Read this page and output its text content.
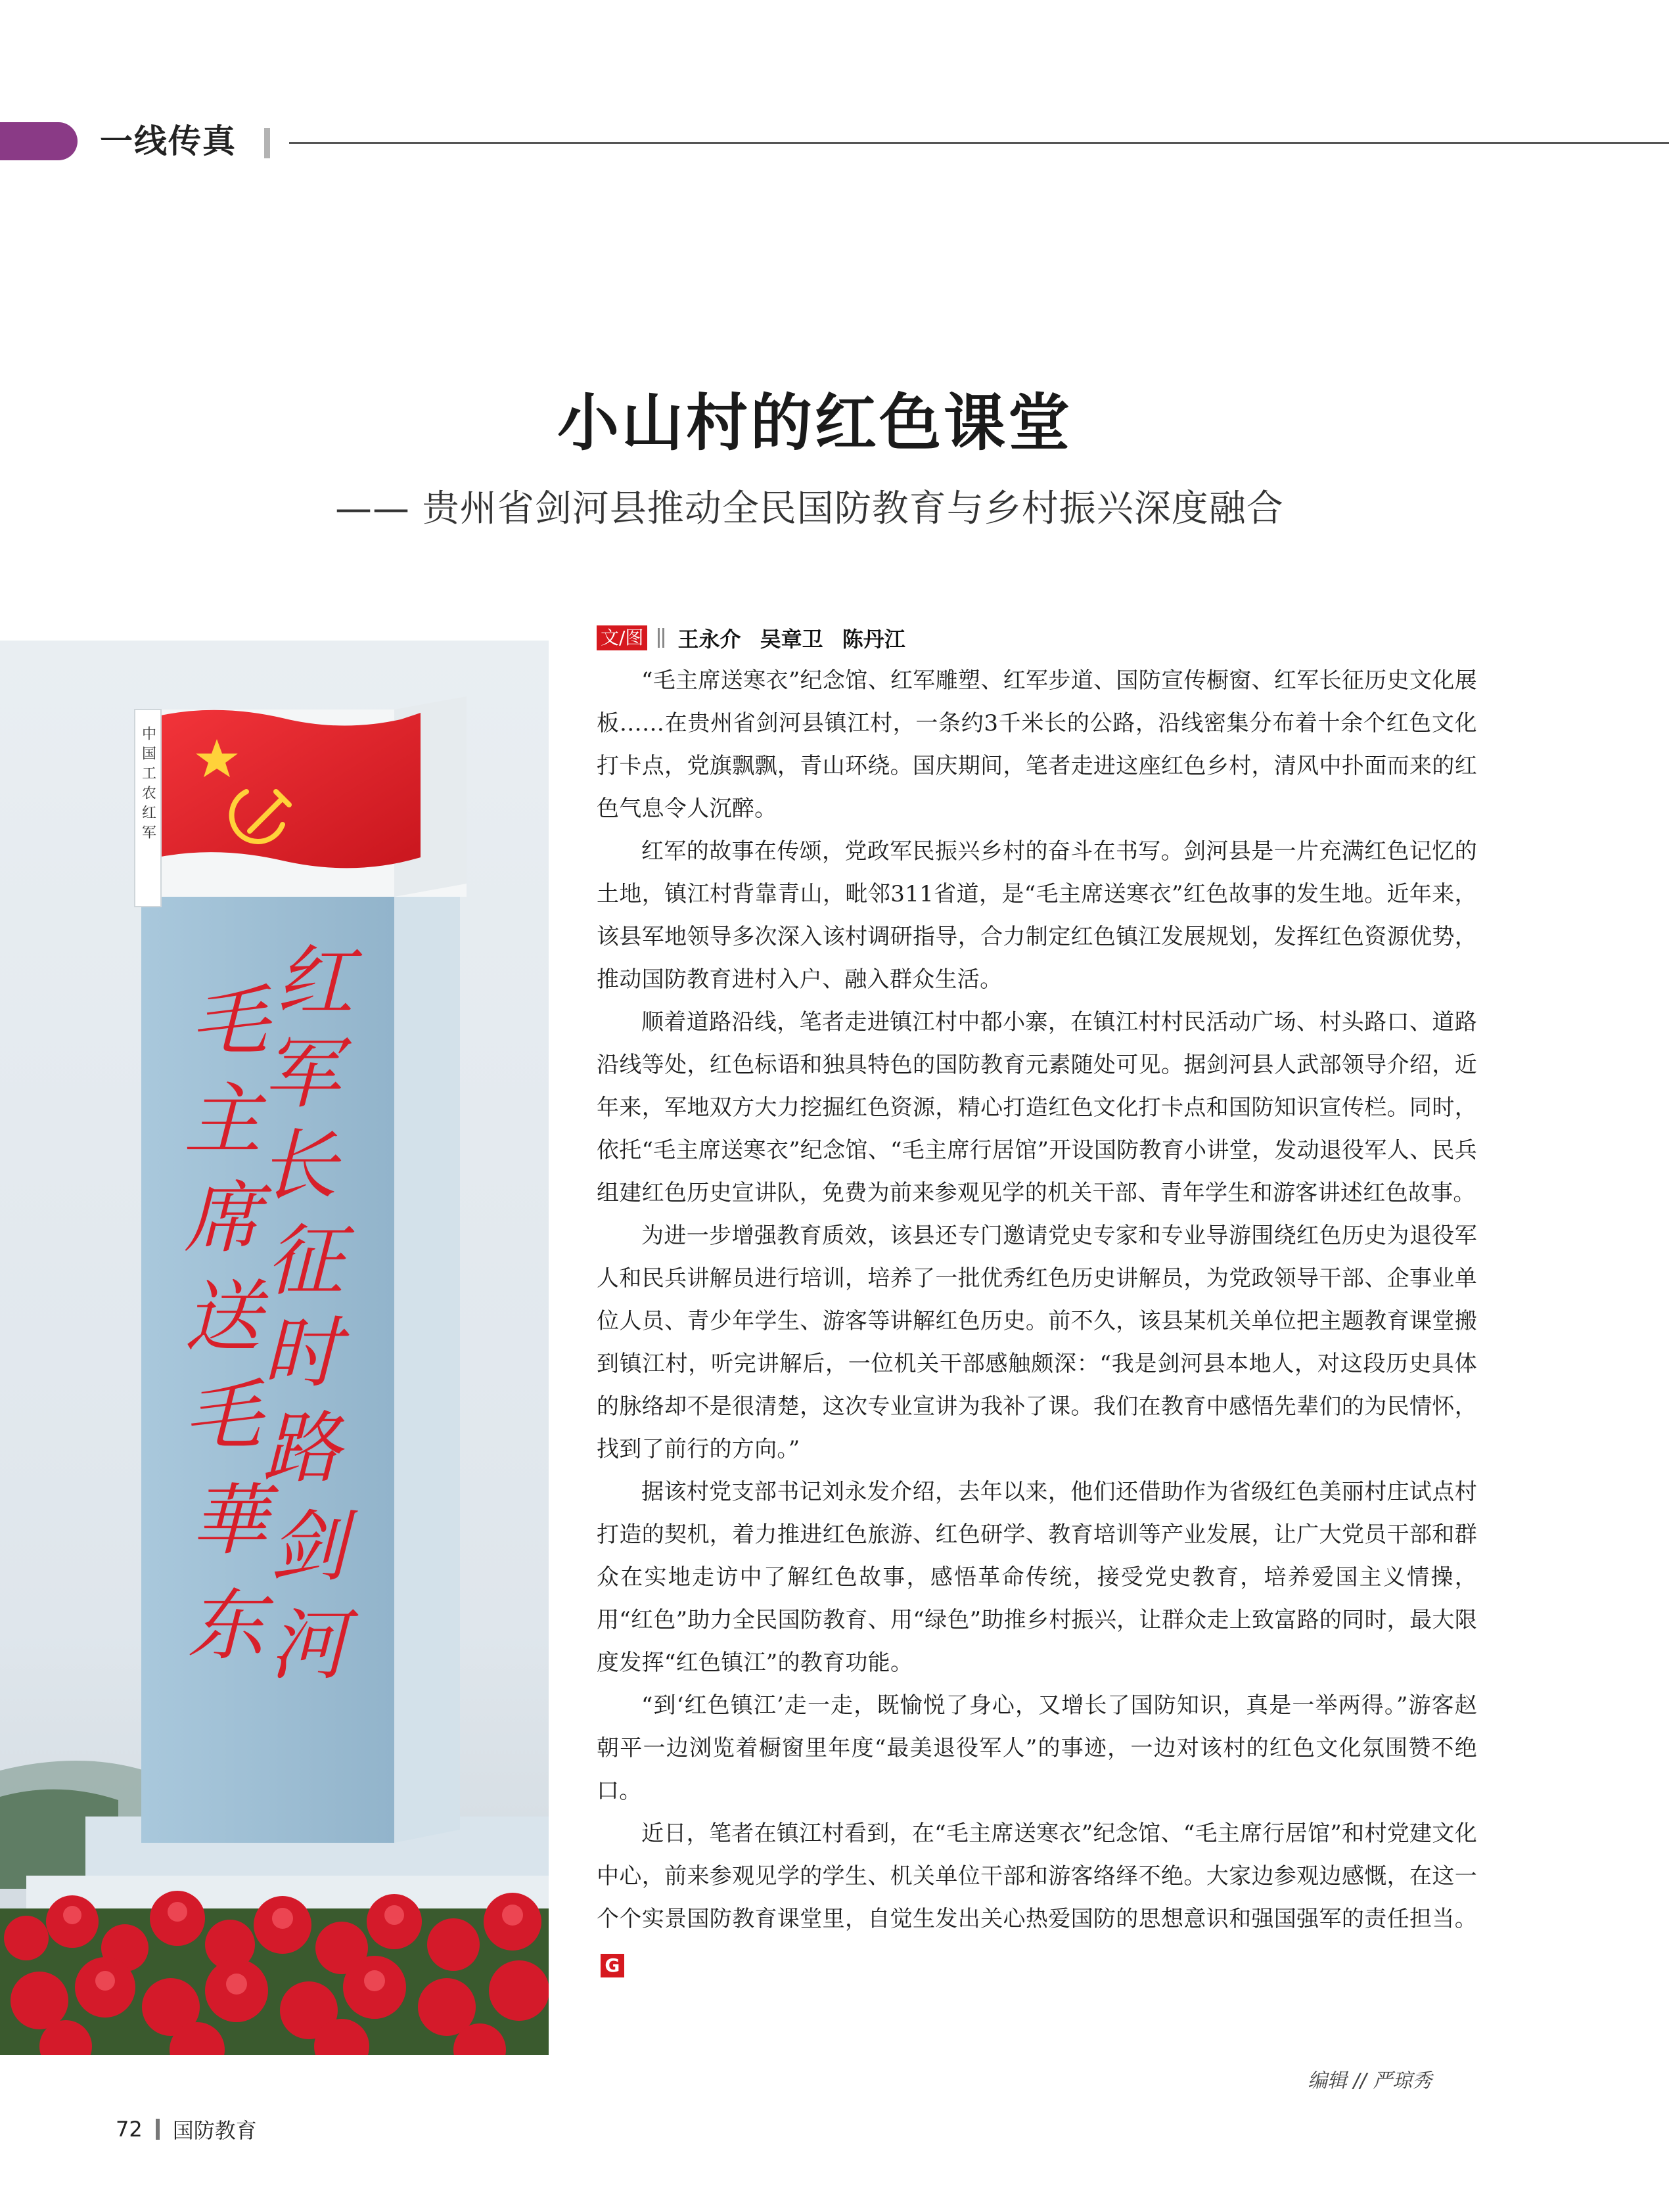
一线传真
小山村的红色课堂
—— 贵州省剑河县推动全民国防教育与乡村振兴深度融合
中国工农红军
红
军
长
征
时
路
剑
河
毛
主
席
送
毛
華
东
文/图 王永介 吴章卫 陈丹江

“毛主席送寒衣”纪念馆、红军雕塑、红军步道、国防宣传橱窗、红军长征历史文化展板……在贵州省剑河县镇江村，一条约3千米长的公路，沿线密集分布着十余个红色文化打卡点，党旗飘飘，青山环绕。国庆期间，笔者走进这座红色乡村，清风中扑面而来的红色气息令人沉醉。

红军的故事在传颂，党政军民振兴乡村的奋斗在书写。剑河县是一片充满红色记忆的土地，镇江村背靠青山，毗邻311省道，是“毛主席送寒衣”红色故事的发生地。近年来，该县军地领导多次深入该村调研指导，合力制定红色镇江发展规划，发挥红色资源优势，推动国防教育进村入户、融入群众生活。

顺着道路沿线，笔者走进镇江村中都小寨，在镇江村村民活动广场、村头路口、道路沿线等处，红色标语和独具特色的国防教育元素随处可见。据剑河县人武部领导介绍，近年来，军地双方大力挖掘红色资源，精心打造红色文化打卡点和国防知识宣传栏。同时，依托“毛主席送寒衣”纪念馆、“毛主席行居馆”开设国防教育小讲堂，发动退役军人、民兵组建红色历史宣讲队，免费为前来参观见学的机关干部、青年学生和游客讲述红色故事。

为进一步增强教育质效，该县还专门邀请党史专家和专业导游围绕红色历史为退役军人和民兵讲解员进行培训，培养了一批优秀红色历史讲解员，为党政领导干部、企事业单位人员、青少年学生、游客等讲解红色历史。前不久，该县某机关单位把主题教育课堂搬到镇江村，听完讲解后，一位机关干部感触颇深：“我是剑河县本地人，对这段历史具体的脉络却不是很清楚，这次专业宣讲为我补了课。我们在教育中感悟先辈们的为民情怀，找到了前行的方向。”

据该村党支部书记刘永发介绍，去年以来，他们还借助作为省级红色美丽村庄试点村打造的契机，着力推进红色旅游、红色研学、教育培训等产业发展，让广大党员干部和群众在实地走访中了解红色故事，感悟革命传统，接受党史教育，培养爱国主义情操，用“红色”助力全民国防教育、用“绿色”助推乡村振兴，让群众走上致富路的同时，最大限度发挥“红色镇江”的教育功能。

“到‘红色镇江’走一走，既愉悦了身心，又增长了国防知识，真是一举两得。”游客赵朝平一边浏览着橱窗里年度“最美退役军人”的事迹，一边对该村的红色文化氛围赞不绝口。

近日，笔者在镇江村看到，在“毛主席送寒衣”纪念馆、“毛主席行居馆”和村党建文化中心，前来参观见学的学生、机关单位干部和游客络绎不绝。大家边参观边感慨，在这一个个实景国防教育课堂里，自觉生发出关心热爱国防的思想意识和强国强军的责任担当。G

编辑 // 严琼秀
72 国防教育
